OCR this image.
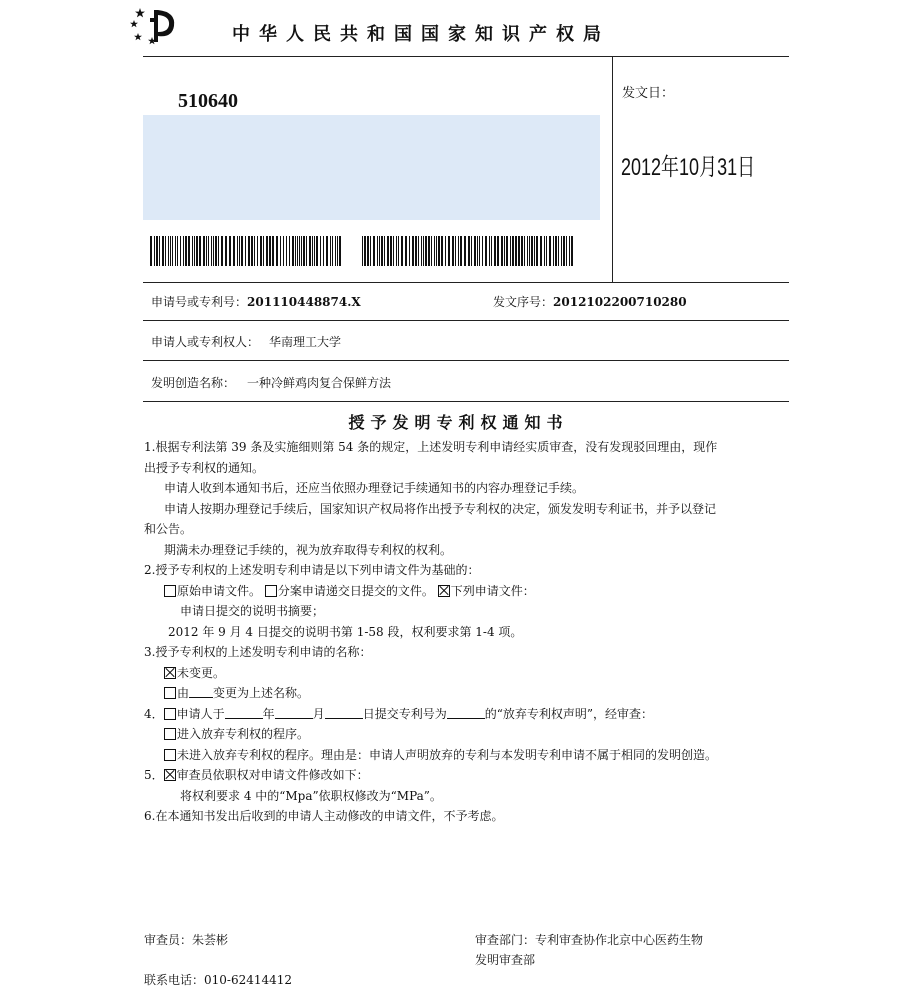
中华人民共和国国家知识产权局
510640	发文日：
2012年10月31日
申请号或专利号：201110448874.X	发文序号：2012102200710280
申请人或专利权人： 华南理工大学
发明创造名称： 一种冷鲜鸡肉复合保鲜方法
授予发明专利权通知书
1.根据专利法第 39 条及实施细则第 54 条的规定，上述发明专利申请经实质审查，没有发现驳回理由，现作
出授予专利权的通知。
申请人收到本通知书后，还应当依照办理登记手续通知书的内容办理登记手续。
申请人按期办理登记手续后，国家知识产权局将作出授予专利权的决定，颁发发明专利证书，并予以登记
和公告。
期满未办理登记手续的，视为放弃取得专利权的权利。
2.授予专利权的上述发明专利申请是以下列申请文件为基础的：
原始申请文件。 分案申请递交日提交的文件。 下列申请文件：
申请日提交的说明书摘要；
2012 年 9 月 4 日提交的说明书第 1-58 段，权利要求第 1-4 项。
3.授予专利权的上述发明专利申请的名称：
未变更。
由 变更为上述名称。
4． 申请人于	年	月	日提交专利号为	的“放弃专利权声明”，经审查：
进入放弃专利权的程序。
未进入放弃专利权的程序。理由是：申请人声明放弃的专利与本发明专利申请不属于相同的发明创造。
5． 审查员依职权对申请文件修改如下：
将权利要求 4 中的“Mpa”依职权修改为“MPa”。
6.在本通知书发出后收到的申请人主动修改的申请文件，不予考虑。
审查员：朱荟彬	审查部门：专利审查协作北京中心医药生物
发明审查部
联系电话：010-62414412
